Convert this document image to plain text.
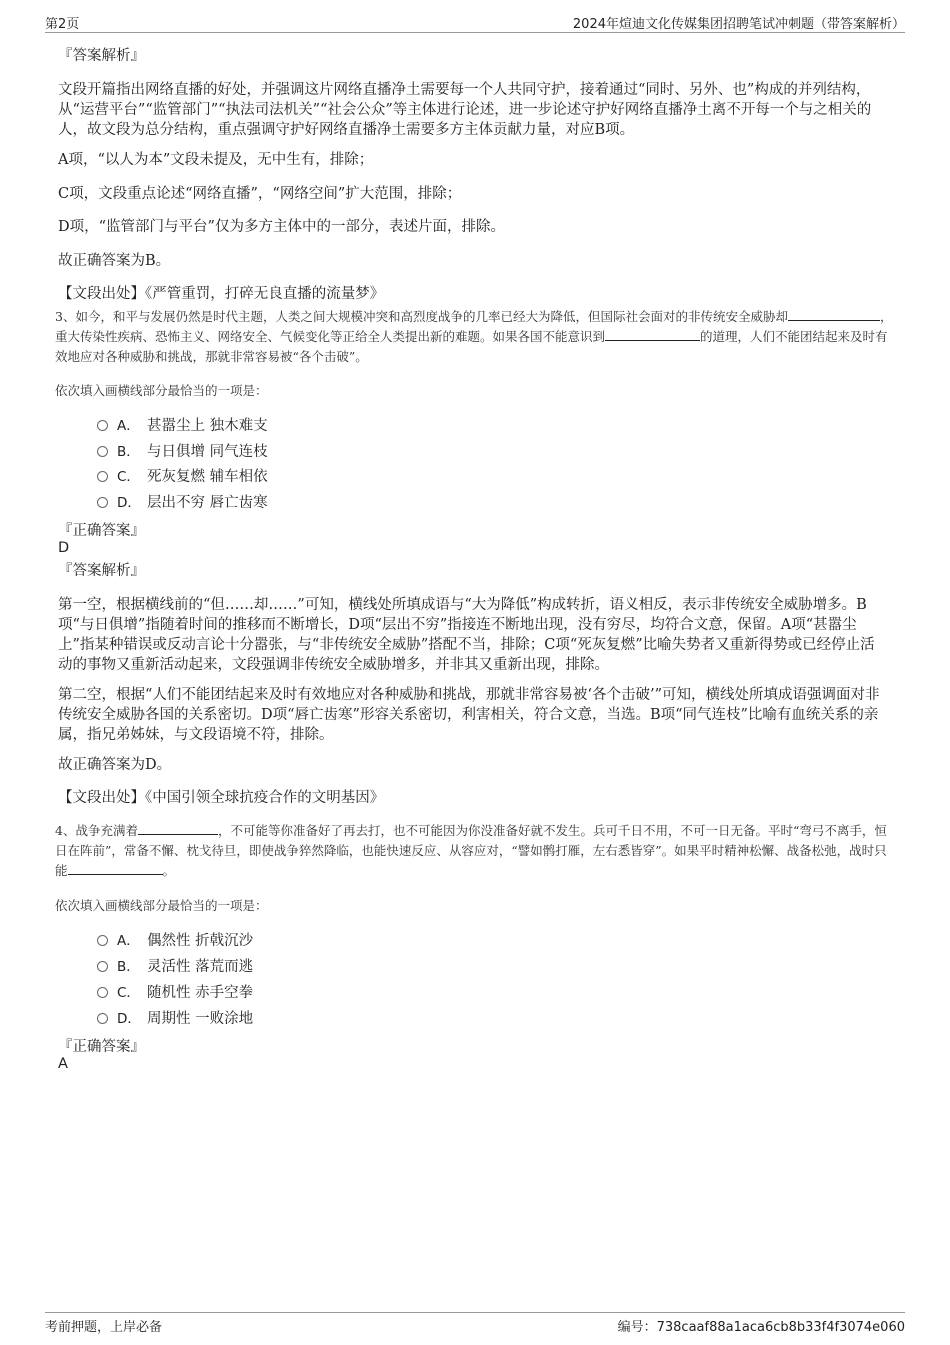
第2页	2024年煊迪文化传媒集团招聘笔试冲刺题（带答案解析）
『答案解析』
文段开篇指出网络直播的好处，并强调这片网络直播净土需要每一个人共同守护，接着通过“同时、另外、也”构成的并列结构，从“运营平台”“监管部门”“执法司法机关”“社会公众”等主体进行论述，进一步论述守护好网络直播净土离不开每一个与之相关的人，故文段为总分结构，重点强调守护好网络直播净土需要多方主体贡献力量，对应B项。
A项，“以人为本”文段未提及，无中生有，排除；
C项，文段重点论述“网络直播”，“网络空间”扩大范围，排除；
D项，“监管部门与平台”仅为多方主体中的一部分，表述片面，排除。
故正确答案为B。
【文段出处】《严管重罚，打碎无良直播的流量梦》
3、如今，和平与发展仍然是时代主题，人类之间大规模冲突和高烈度战争的几率已经大为降低，但国际社会面对的非传统安全威胁却	，重大传染性疾病、恐怖主义、网络安全、气候变化等正给全人类提出新的难题。如果各国不能意识到	的道理，人们不能团结起来及时有效地应对各种威胁和挑战，那就非常容易被“各个击破”。
依次填入画横线部分最恰当的一项是：
A． 甚嚣尘上 独木难支
B． 与日俱增 同气连枝
C． 死灰复燃 辅车相依
D． 层出不穷 唇亡齿寒
『正确答案』
D
『答案解析』
第一空，根据横线前的“但……却……”可知，横线处所填成语与“大为降低”构成转折，语义相反，表示非传统安全威胁增多。B项“与日俱增”指随着时间的推移而不断增长，D项“层出不穷”指接连不断地出现，没有穷尽，均符合文意，保留。A项“甚嚣尘上”指某种错误或反动言论十分嚣张，与“非传统安全威胁”搭配不当，排除；C项“死灰复燃”比喻失势者又重新得势或已经停止活动的事物又重新活动起来，文段强调非传统安全威胁增多，并非其又重新出现，排除。
第二空，根据“人们不能团结起来及时有效地应对各种威胁和挑战，那就非常容易被‘各个击破’”可知，横线处所填成语强调面对非传统安全威胁各国的关系密切。D项“唇亡齿寒”形容关系密切，利害相关，符合文意，当选。B项“同气连枝”比喻有血统关系的亲属，指兄弟姊妹，与文段语境不符，排除。
故正确答案为D。
【文段出处】《中国引领全球抗疫合作的文明基因》
4、战争充满着	，不可能等你准备好了再去打，也不可能因为你没准备好就不发生。兵可千日不用，不可一日无备。平时“弯弓不离手，恒日在阵前”，常备不懈、枕戈待旦，即使战争猝然降临，也能快速反应、从容应对，“譬如鹘打雁，左右悉皆穿”。如果平时精神松懈、战备松弛，战时只能	。
依次填入画横线部分最恰当的一项是：
A． 偶然性 折戟沉沙
B． 灵活性 落荒而逃
C． 随机性 赤手空拳
D． 周期性 一败涂地
『正确答案』
A
考前押题，上岸必备	编号：738caaf88a1aca6cb8b33f4f3074e060
